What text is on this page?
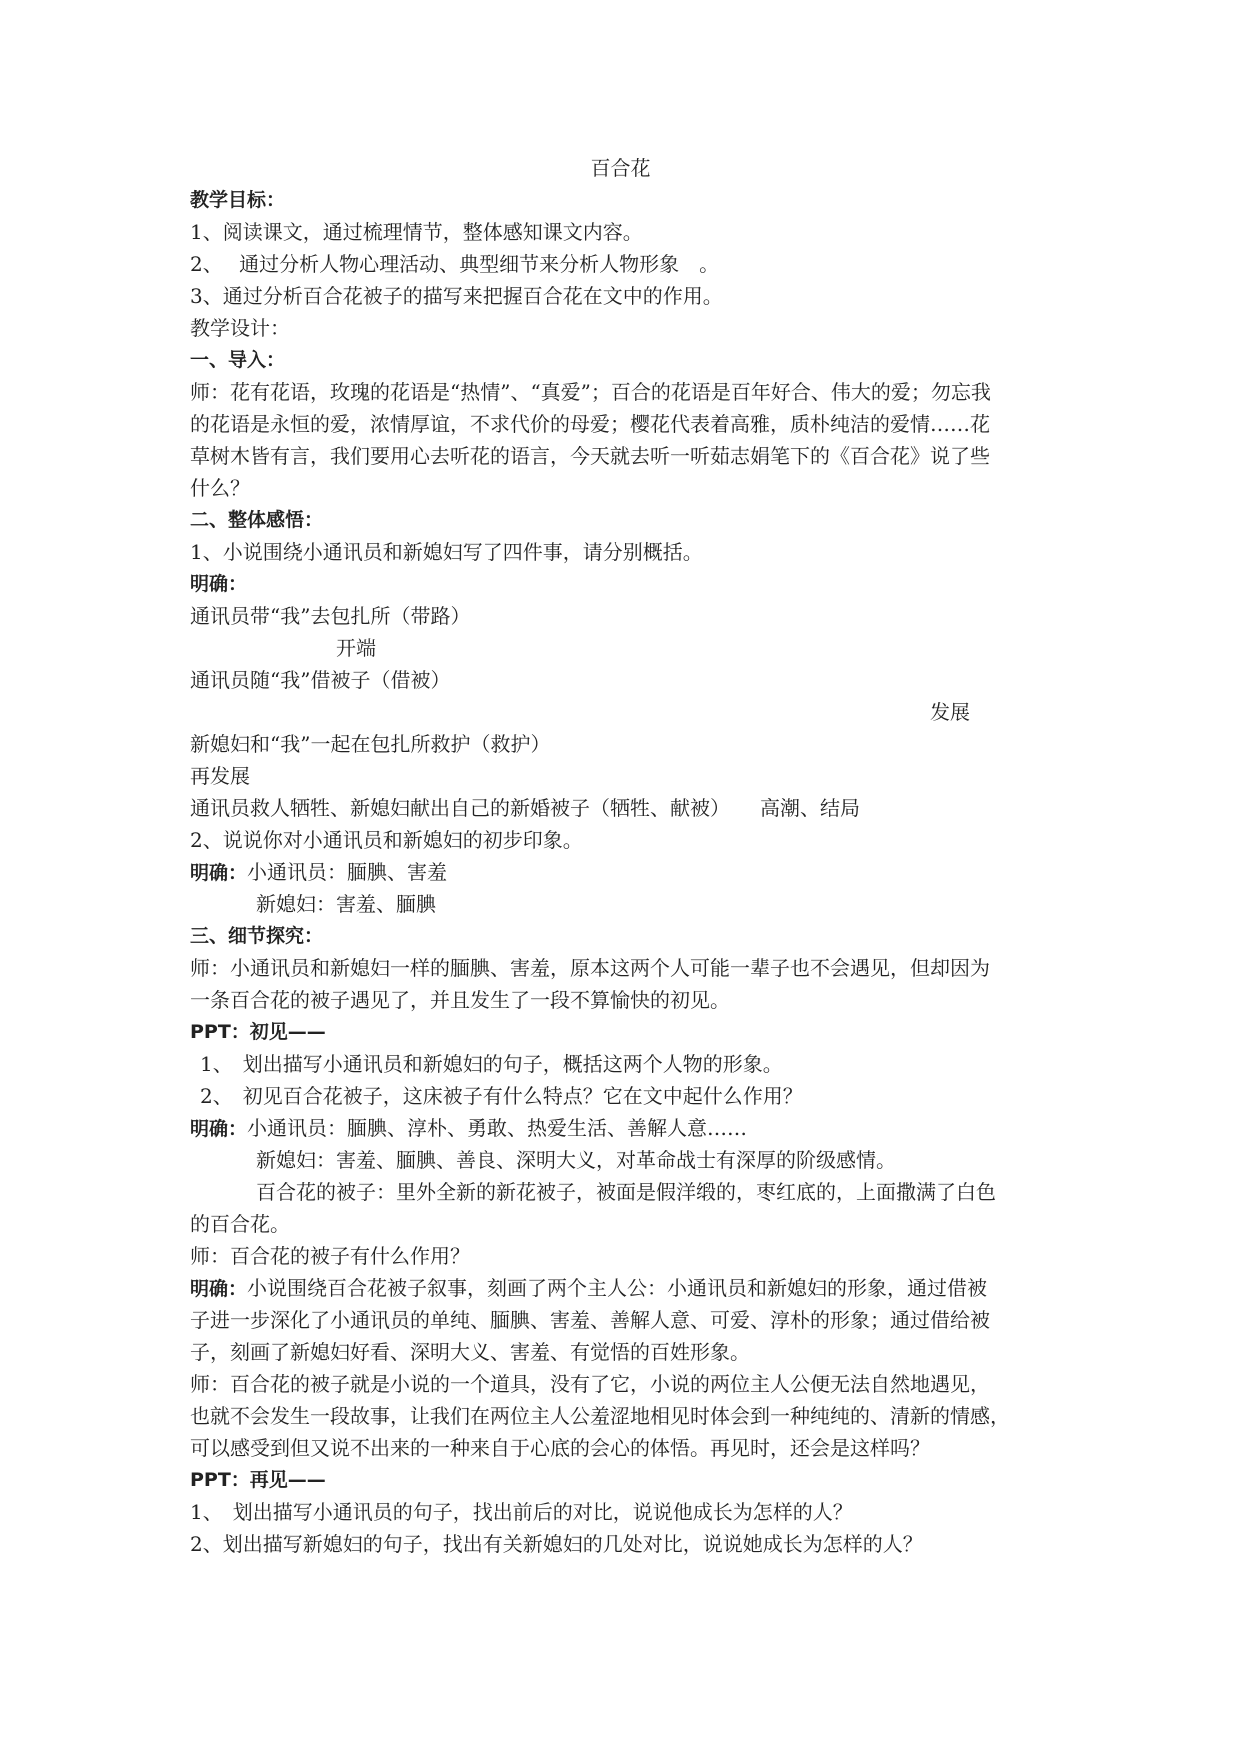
百合花
教学目标：
1、阅读课文，通过梳理情节，整体感知课文内容。
2、　 通过分析人物心理活动、典型细节来分析人物形象　。
3、通过分析百合花被子的描写来把握百合花在文中的作用。
教学设计：
一、导入：
师：花有花语，玫瑰的花语是“热情”、“真爱”；百合的花语是百年好合、伟大的爱；勿忘我
的花语是永恒的爱，浓情厚谊，不求代价的母爱；樱花代表着高雅，质朴纯洁的爱情……花
草树木皆有言，我们要用心去听花的语言，今天就去听一听茹志娟笔下的《百合花》说了些
什么？
二、整体感悟：
1、小说围绕小通讯员和新媳妇写了四件事，请分别概括。
明确：
通讯员带“我”去包扎所（带路）
开端
通讯员随“我”借被子（借被）
发展
新媳妇和“我”一起在包扎所救护（救护）
再发展
通讯员救人牺牲、新媳妇献出自己的新婚被子（牺牲、献被） 高潮、结局
2、说说你对小通讯员和新媳妇的初步印象。
明确：小通讯员：腼腆、害羞
新媳妇：害羞、腼腆
三、细节探究：
师：小通讯员和新媳妇一样的腼腆、害羞，原本这两个人可能一辈子也不会遇见，但却因为
一条百合花的被子遇见了，并且发生了一段不算愉快的初见。
PPT：初见——
1、　划出描写小通讯员和新媳妇的句子，概括这两个人物的形象。
2、　初见百合花被子，这床被子有什么特点？它在文中起什么作用？
明确：小通讯员：腼腆、淳朴、勇敢、热爱生活、善解人意……
新媳妇：害羞、腼腆、善良、深明大义，对革命战士有深厚的阶级感情。
百合花的被子：里外全新的新花被子，被面是假洋缎的，枣红底的，上面撒满了白色
的百合花。
师：百合花的被子有什么作用？
明确：小说围绕百合花被子叙事，刻画了两个主人公：小通讯员和新媳妇的形象，通过借被
子进一步深化了小通讯员的单纯、腼腆、害羞、善解人意、可爱、淳朴的形象；通过借给被
子，刻画了新媳妇好看、深明大义、害羞、有觉悟的百姓形象。
师：百合花的被子就是小说的一个道具，没有了它，小说的两位主人公便无法自然地遇见，
也就不会发生一段故事，让我们在两位主人公羞涩地相见时体会到一种纯纯的、清新的情感，
可以感受到但又说不出来的一种来自于心底的会心的体悟。再见时，还会是这样吗？
PPT：再见——
1、　划出描写小通讯员的句子，找出前后的对比，说说他成长为怎样的人？
2、划出描写新媳妇的句子，找出有关新媳妇的几处对比，说说她成长为怎样的人？
